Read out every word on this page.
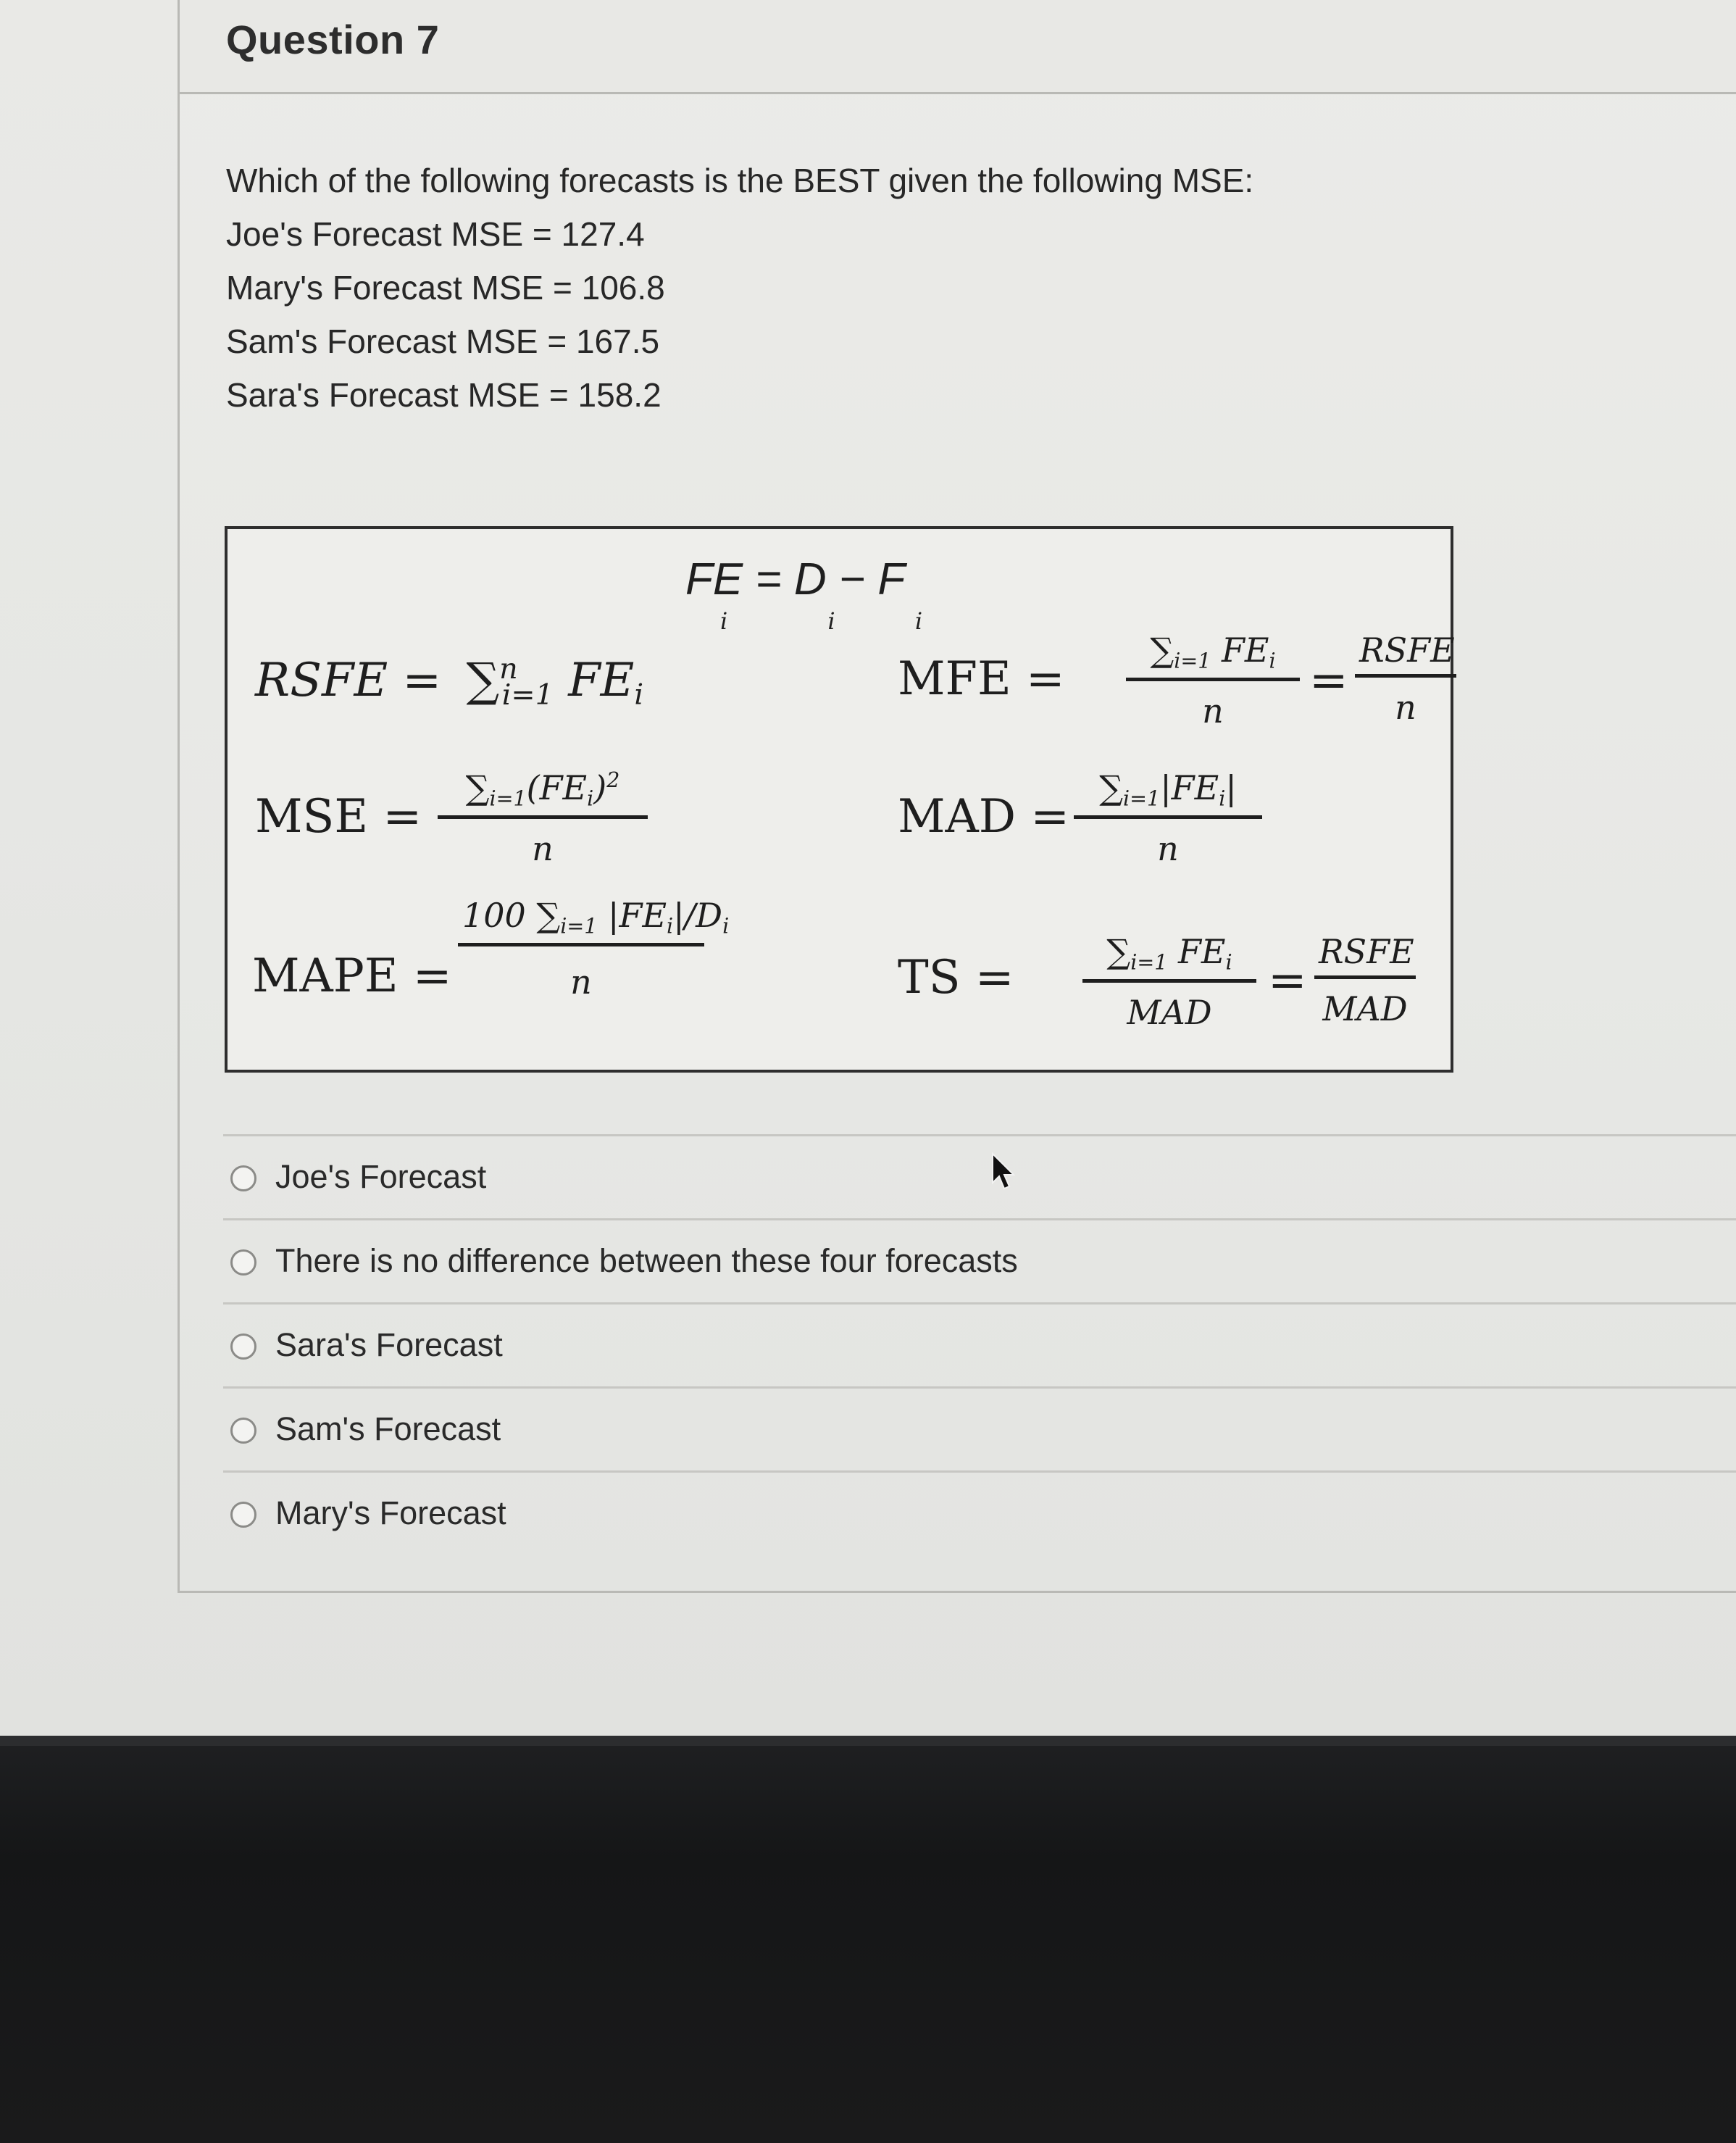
Question 7
Which of the following forecasts is the BEST given the following MSE:
Joe's Forecast MSE = 127.4
Mary's Forecast MSE = 106.8
Sam's Forecast MSE = 167.5
Sara's Forecast MSE = 158.2
FE = D − F
i	i	i
RSFE = ∑$^n_{i=1}$ $FE_i$	MFE =
$\sum_{i=1}$ $FE_i$
n
=
RSFE
n
MSE =
$\sum_{i=1}(FE_i)^2$
n
MAD =
$\sum_{i=1}|FE_i|$
n
MAPE =
100 $\sum_{i=1}$ $|FE_i|/D_i$
n	TS =	$\sum_{i=1}$ $FE_i$
MAD
=
RSFE
MAD
Joe's Forecast
There is no difference between these four forecasts
Sara's Forecast
Sam's Forecast
Mary's Forecast
